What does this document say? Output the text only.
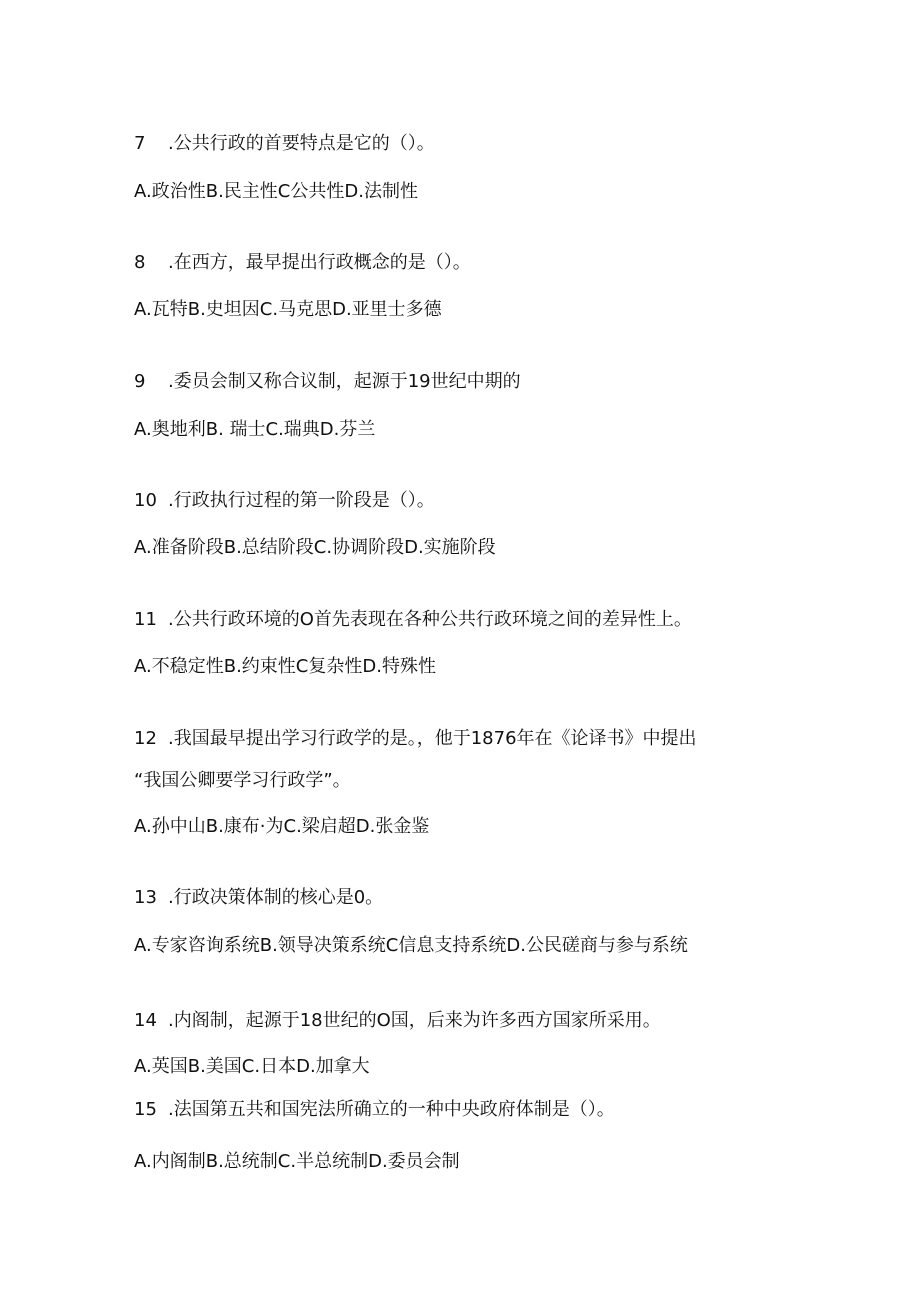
7 .公共行政的首要特点是它的（）。
A.政治性B.民主性C公共性D.法制性
8 .在西方，最早提出行政概念的是（）。
A.瓦特B.史坦因C.马克思D.亚里士多德
9 .委员会制又称合议制，起源于19世纪中期的
A.奥地利B. 瑞士C.瑞典D.芬兰
10 .行政执行过程的第一阶段是（）。
A.准备阶段B.总结阶段C.协调阶段D.实施阶段
11 .公共行政环境的O首先表现在各种公共行政环境之间的差异性上。
A.不稳定性B.约束性C复杂性D.特殊性
12 .我国最早提出学习行政学的是。，他于1876年在《论译书》中提出
“我国公卿要学习行政学”。
A.孙中山B.康布·为C.梁启超D.张金鉴
13 .行政决策体制的核心是0。
A.专家咨询系统B.领导决策系统C信息支持系统D.公民磋商与参与系统
14 .内阁制，起源于18世纪的O国，后来为许多西方国家所采用。
A.英国B.美国C.日本D.加拿大
15 .法国第五共和国宪法所确立的一种中央政府体制是（）。
A.内阁制B.总统制C.半总统制D.委员会制
